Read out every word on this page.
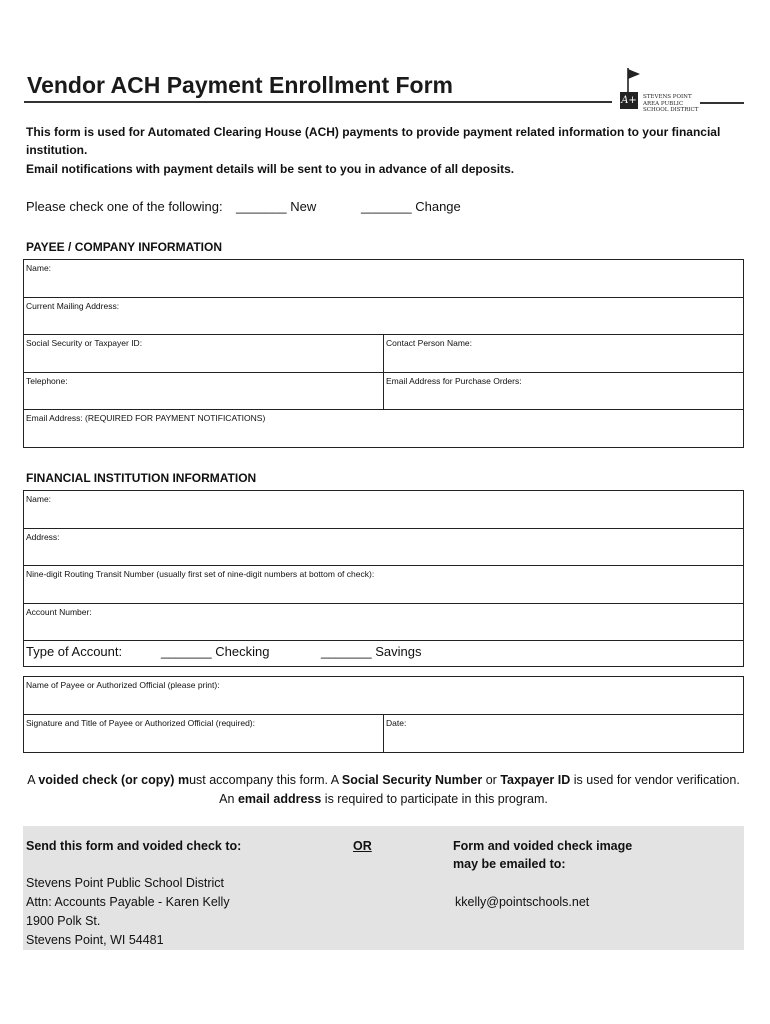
Vendor ACH Payment Enrollment Form
A+ STEVENS POINT
AREA PUBLIC
SCHOOL DISTRICT
This form is used for Automated Clearing House (ACH) payments to provide payment related information to your financial institution.
Email notifications with payment details will be sent to you in advance of all deposits.

Please check one of the following:

_______ New

	_______ Change

PAYEE / COMPANY INFORMATION
Name:
Current Mailing Address:
Social Security or Taxpayer ID:	Contact Person Name:
Telephone:	Email Address for Purchase Orders:
Email Address: (REQUIRED FOR PAYMENT NOTIFICATIONS)
FINANCIAL INSTITUTION INFORMATION
Name:
Address:
Nine-digit Routing Transit Number (usually first set of nine-digit numbers at bottom of check):
Account Number:
Type of Account:	_______ Checking	_______ Savings
Name of Payee or Authorized Official (please print):
Signature and Title of Payee or Authorized Official (required):	Date:
A voided check (or copy) must accompany this form. A Social Security Number or Taxpayer ID is used for vendor verification.
An email address is required to participate in this program.
Send this form and voided check to:	OR	Form and voided check image
may be emailed to:
Stevens Point Public School District
Attn: Accounts Payable - Karen Kelly
1900 Polk St.
Stevens Point, WI 54481
kkelly@pointschools.net
